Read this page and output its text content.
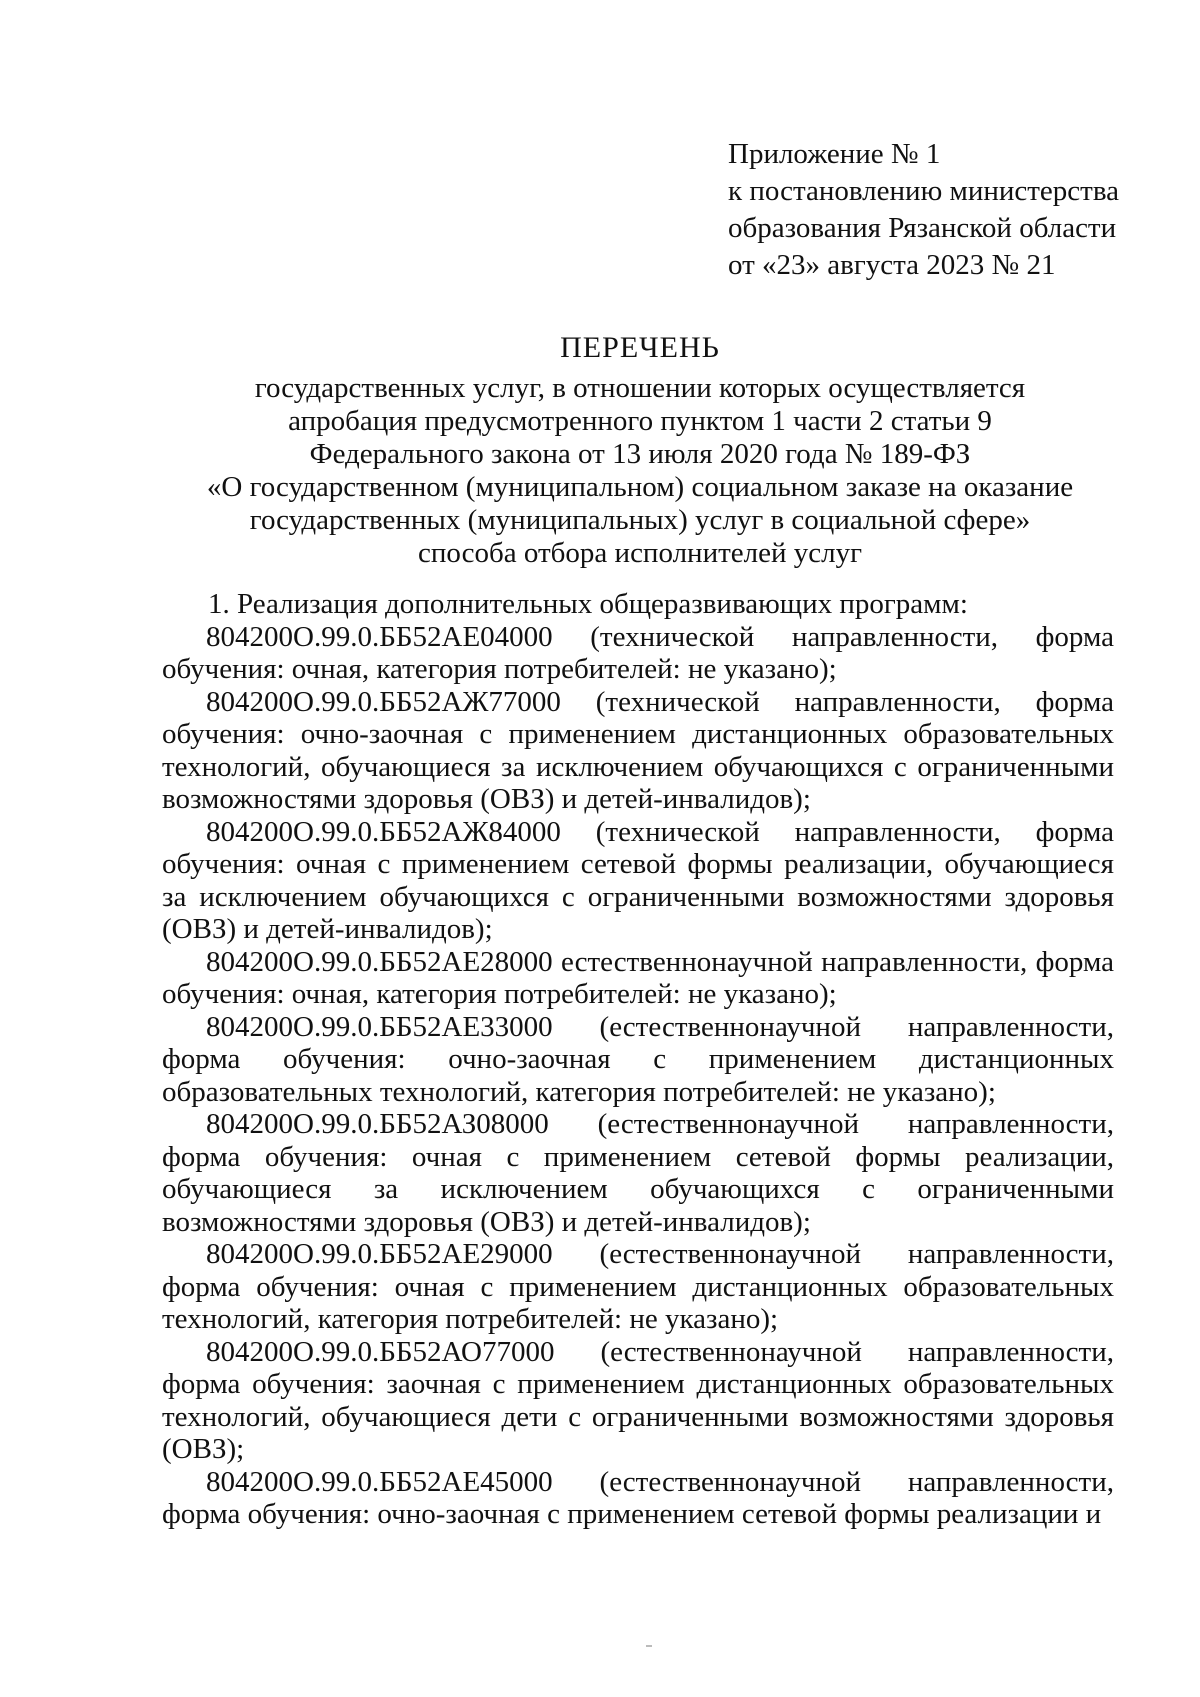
Приложение № 1
к постановлению министерства
образования Рязанской области
от «23» августа 2023 № 21
ПЕРЕЧЕНЬ
государственных услуг, в отношении которых осуществляется
апробация предусмотренного пунктом 1 части 2 статьи 9
Федерального закона от 13 июля 2020 года № 189-ФЗ
«О государственном (муниципальном) социальном заказе на оказание
государственных (муниципальных) услуг в социальной сфере»
способа отбора исполнителей услуг
1. Реализация дополнительных общеразвивающих программ:

804200О.99.0.ББ52АЕ04000 (технической направленности, форма обучения: очная, категория потребителей: не указано);

804200О.99.0.ББ52АЖ77000 (технической направленности, форма обучения: очно-заочная с применением дистанционных образовательных технологий, обучающиеся за исключением обучающихся с ограниченными возможностями здоровья (ОВЗ) и детей-инвалидов);

804200О.99.0.ББ52АЖ84000 (технической направленности, форма обучения: очная с применением сетевой формы реализации, обучающиеся за исключением обучающихся с ограниченными возможностями здоровья (ОВЗ) и детей-инвалидов);

804200О.99.0.ББ52АЕ28000 естественнонаучной направленности, форма обучения: очная, категория потребителей: не указано);

804200О.99.0.ББ52АЕ33000 (естественнонаучной направленности, форма обучения: очно-заочная с применением дистанционных образовательных технологий, категория потребителей: не указано);

804200О.99.0.ББ52АЗ08000 (естественнонаучной направленности, форма обучения: очная с применением сетевой формы реализации, обучающиеся за исключением обучающихся с ограниченными возможностями здоровья (ОВЗ) и детей-инвалидов);

804200О.99.0.ББ52АЕ29000 (естественнонаучной направленности, форма обучения: очная с применением дистанционных образовательных технологий, категория потребителей: не указано);

804200О.99.0.ББ52АО77000 (естественнонаучной направленности, форма обучения: заочная с применением дистанционных образовательных технологий, обучающиеся дети с ограниченными возможностями здоровья (ОВЗ);

804200О.99.0.ББ52АЕ45000 (естественнонаучной направленности, форма обучения: очно-заочная с применением сетевой формы реализации и
